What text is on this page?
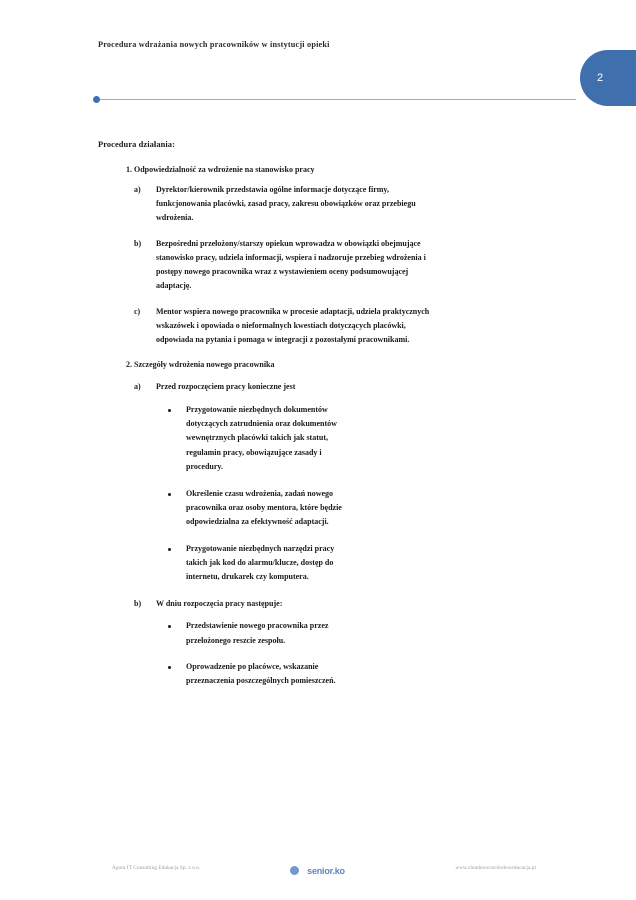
Procedura wdrażania nowych pracowników w instytucji opieki
2
Procedura działania:
1. Odpowiedzialność za wdrożenie na stanowisko pracy
a)	Dyrektor/kierownik przedstawia ogólne informacje dotyczące firmy, funkcjonowania placówki, zasad pracy, zakresu obowiązków oraz przebiegu wdrożenia.
b)	Bezpośredni przełożony/starszy opiekun wprowadza w obowiązki obejmujące stanowisko pracy, udziela informacji, wspiera i nadzoruje przebieg wdrożenia i postępy nowego pracownika wraz z wystawieniem oceny podsumowującej adaptację.
c)	Mentor wspiera nowego pracownika w procesie adaptacji, udziela praktycznych wskazówek i opowiada o nieformalnych kwestiach dotyczących placówki, odpowiada na pytania i pomaga w integracji z pozostałymi pracownikami.
2. Szczegóły wdrożenia nowego pracownika
a)	Przed rozpoczęciem pracy konieczne jest
Przygotowanie niezbędnych dokumentów dotyczących zatrudnienia oraz dokumentów wewnętrznych placówki takich jak statut, regulamin pracy, obowiązujące zasady i procedury.
Określenie czasu wdrożenia, zadań nowego pracownika oraz osoby mentora, które będzie odpowiedzialna za efektywność adaptacji.
Przygotowanie niezbędnych narzędzi pracy takich jak kod do alarmu/klucze, dostęp do internetu, drukarek czy komputera.
b)	W dniu rozpoczęcia pracy następuje:
Przedstawienie nowego pracownika przez przełożonego reszcie zespołu.
Oprowadzenie po placówce, wskazanie przeznaczenia poszczególnych pomieszczeń.
Agora IT Consulting Edukacja Sp. z o.o.	senior.ko	www.cloudnowoscilodoweducacja.pl
